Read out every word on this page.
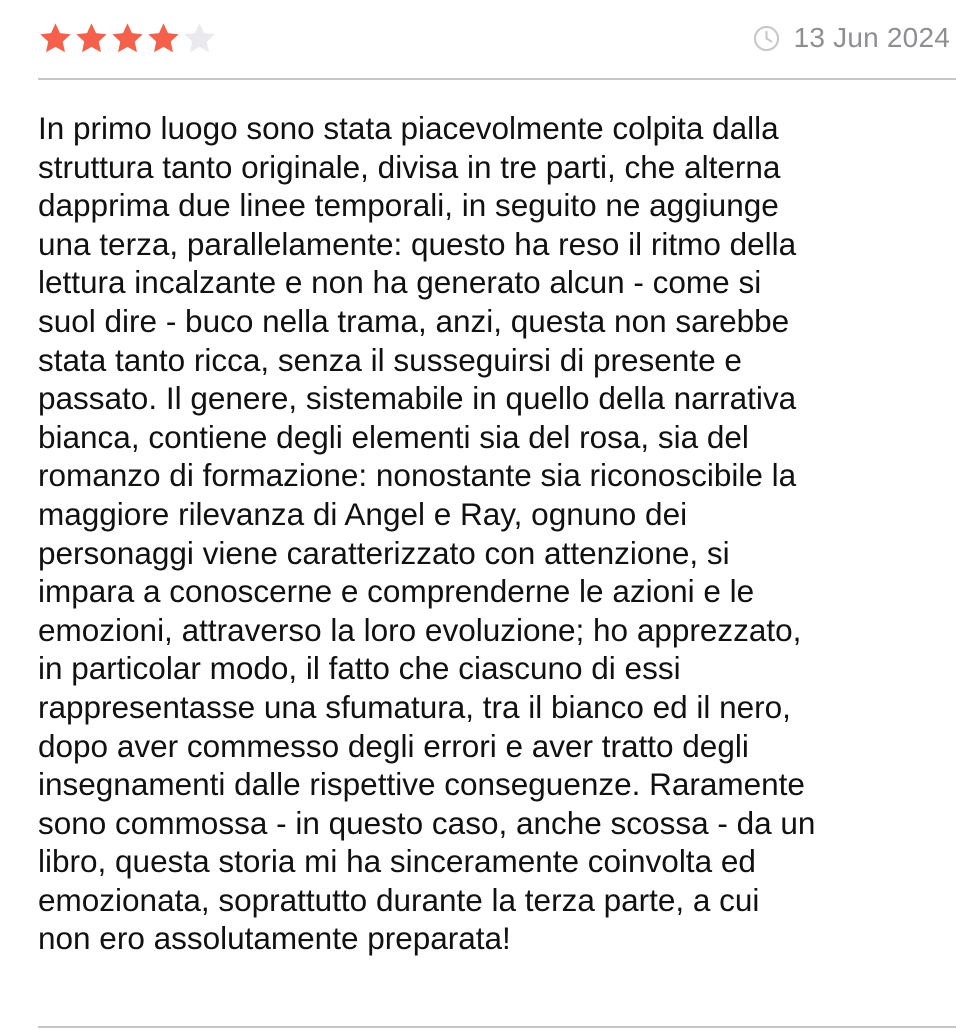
13 Jun 2024

In primo luogo sono stata piacevolmente colpita dalla
struttura tanto originale, divisa in tre parti, che alterna
dapprima due linee temporali, in seguito ne aggiunge
una terza, parallelamente: questo ha reso il ritmo della
lettura incalzante e non ha generato alcun - come si
suol dire - buco nella trama, anzi, questa non sarebbe
stata tanto ricca, senza il susseguirsi di presente e
passato. Il genere, sistemabile in quello della narrativa
bianca, contiene degli elementi sia del rosa, sia del
romanzo di formazione: nonostante sia riconoscibile la
maggiore rilevanza di Angel e Ray, ognuno dei
personaggi viene caratterizzato con attenzione, si
impara a conoscerne e comprenderne le azioni e le
emozioni, attraverso la loro evoluzione; ho apprezzato,
in particolar modo, il fatto che ciascuno di essi
rappresentasse una sfumatura, tra il bianco ed il nero,
dopo aver commesso degli errori e aver tratto degli
insegnamenti dalle rispettive conseguenze. Raramente
sono commossa - in questo caso, anche scossa - da un
libro, questa storia mi ha sinceramente coinvolta ed
emozionata, soprattutto durante la terza parte, a cui
non ero assolutamente preparata!
